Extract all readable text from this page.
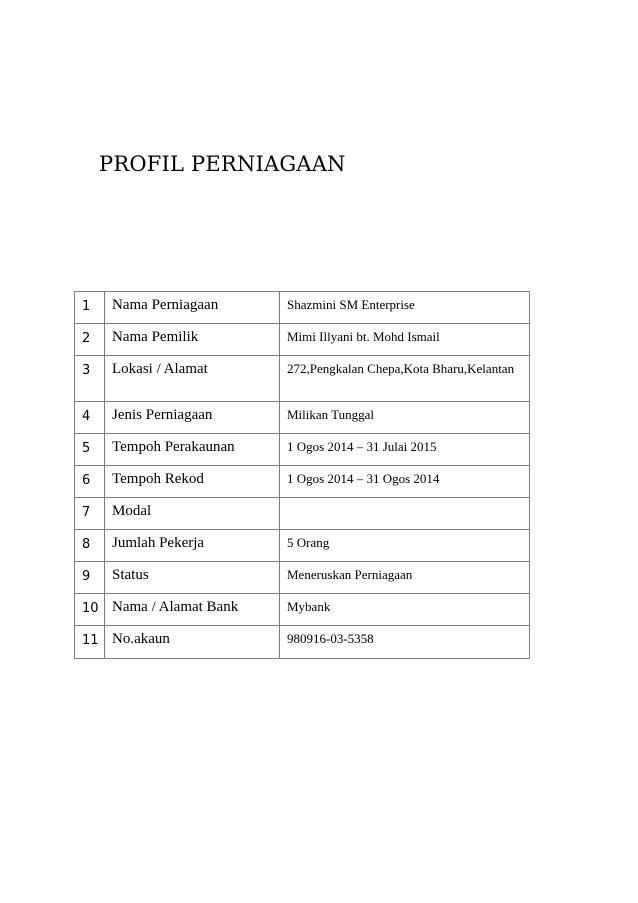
PROFIL PERNIAGAAN
1	Nama Perniagaan	Shazmini SM Enterprise
2	Nama Pemilik	Mimi Illyani bt. Mohd Ismail
3	Lokasi / Alamat	272,Pengkalan Chepa,Kota Bharu,Kelantan
4	Jenis Perniagaan	Milikan Tunggal
5	Tempoh Perakaunan	1 Ogos 2014 – 31 Julai 2015
6	Tempoh Rekod	1 Ogos 2014 – 31 Ogos 2014
7	Modal	
8	Jumlah Pekerja	5 Orang
9	Status	Meneruskan Perniagaan
10	Nama / Alamat Bank	Mybank
11	No.akaun	980916-03-5358
